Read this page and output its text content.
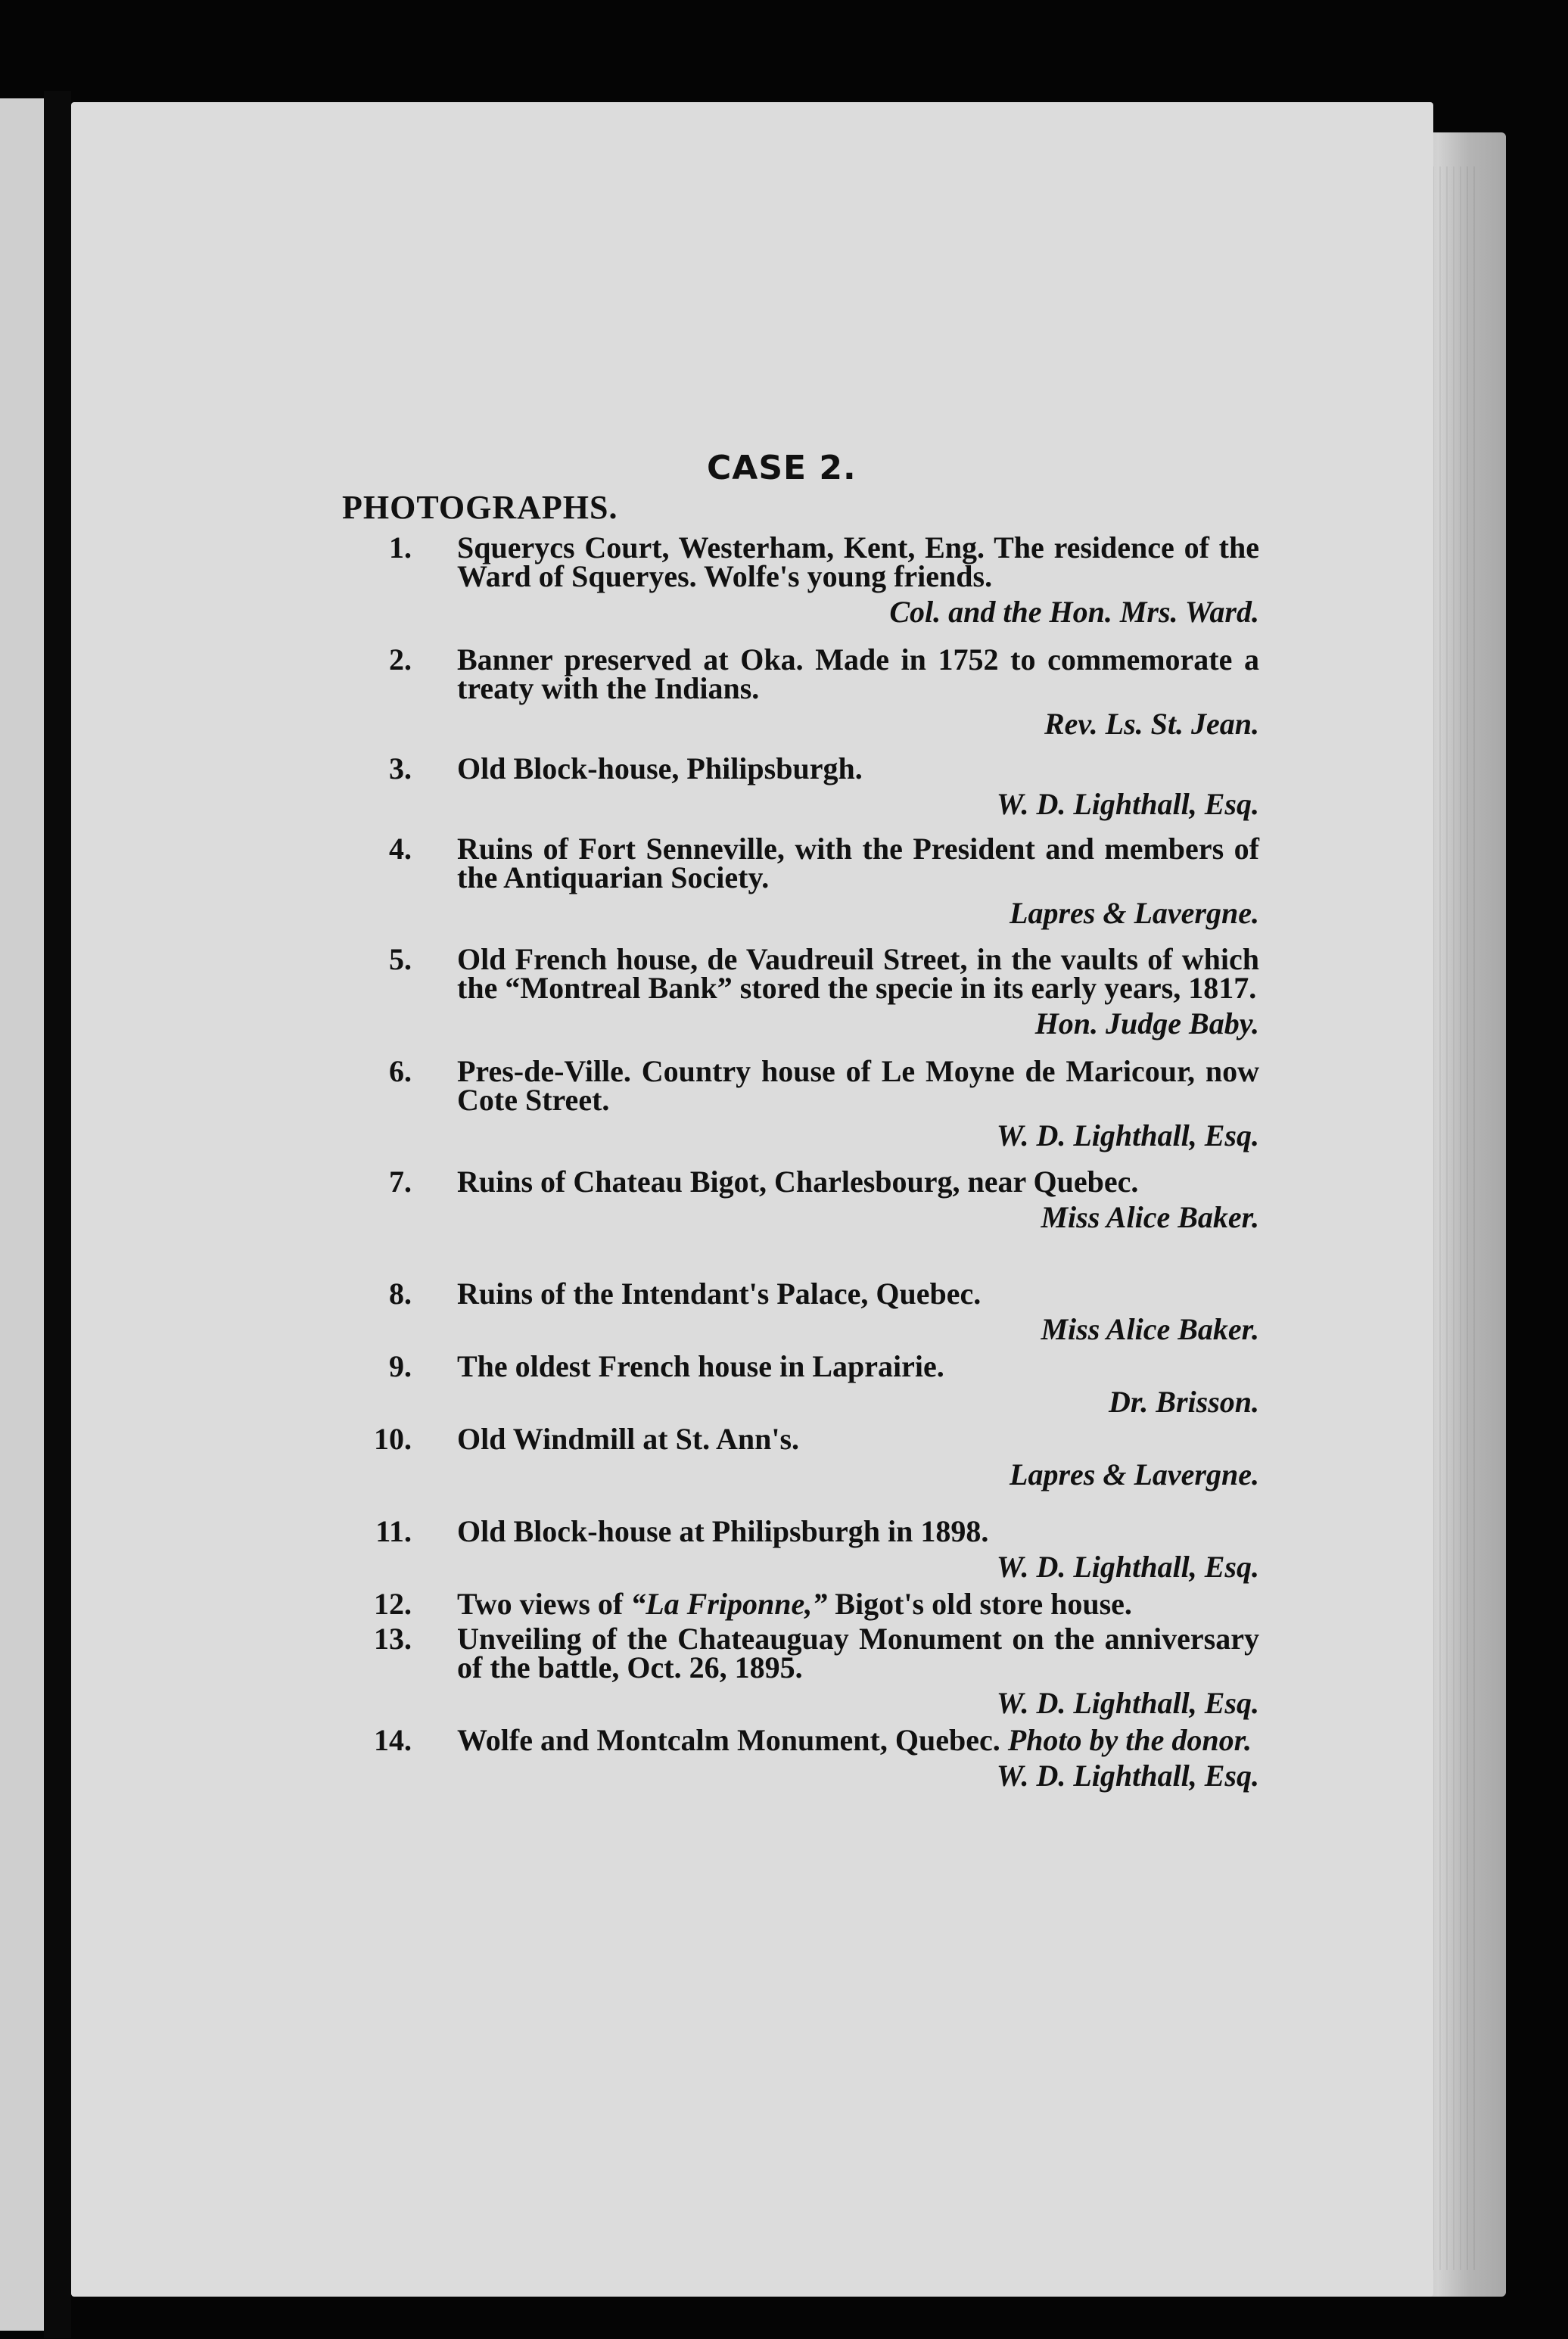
CASE 2.
PHOTOGRAPHS.
1. Squerycs Court, Westerham, Kent, Eng. The residence of the Ward of Squeryes. Wolfe's young friends.
Col. and the Hon. Mrs. Ward.
2. Banner preserved at Oka. Made in 1752 to commemorate a treaty with the Indians.
Rev. Ls. St. Jean.
3. Old Block-house, Philipsburgh.
W. D. Lighthall, Esq.
4. Ruins of Fort Senneville, with the President and members of the Antiquarian Society.
Lapres & Lavergne.
5. Old French house, de Vaudreuil Street, in the vaults of which the “Montreal Bank” stored the specie in its early years, 1817.
Hon. Judge Baby.
6. Pres-de-Ville. Country house of Le Moyne de Maricour, now Cote Street.
W. D. Lighthall, Esq.
7. Ruins of Chateau Bigot, Charlesbourg, near Quebec.
Miss Alice Baker.
8. Ruins of the Intendant's Palace, Quebec.
Miss Alice Baker.
9. The oldest French house in Laprairie.
Dr. Brisson.
10. Old Windmill at St. Ann's.
Lapres & Lavergne.
11. Old Block-house at Philipsburgh in 1898.
W. D. Lighthall, Esq.
12. Two views of “La Friponne,” Bigot's old store house.
13. Unveiling of the Chateauguay Monument on the anniversary of the battle, Oct. 26, 1895.
W. D. Lighthall, Esq.
14. Wolfe and Montcalm Monument, Quebec. Photo by the donor.
W. D. Lighthall, Esq.
